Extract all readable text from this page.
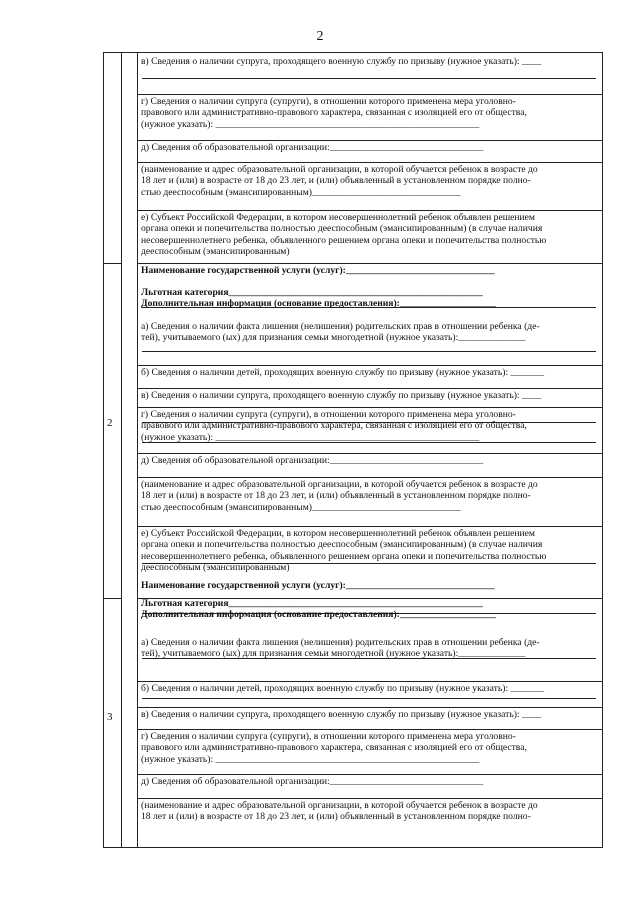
2
2
3
в) Сведения о наличии супруга, проходящего военную службу по призыву (нужное указать): ____
г) Сведения о наличии супруга (супруги), в отношении которого применена мера уголовно-
правового или административно-правового характера, связанная с изоляцией его от общества,
(нужное указать): _______________________________________________________
д) Сведения об образовательной организации:________________________________
(наименование и адрес образовательной организации, в которой обучается ребенок в возрасте до
18 лет и (или) в возрасте от 18 до 23 лет, и (или) объявленный в установленном порядке полно-
стью дееспособным (эмансипированным)_______________________________
е) Субъект Российской Федерации, в котором несовершеннолетний ребенок объявлен решением
органа опеки и попечительства полностью дееспособным (эмансипированным) (в случае наличия
несовершеннолетнего ребенка, объявленного решением органа опеки и попечительства полностью
дееспособным (эмансипированным)
Наименование государственной услуги (услуг):_______________________________
Льготная категория_____________________________________________________
Дополнительная информация (основание предоставления):____________________
а) Сведения о наличии факта лишения (нелишения) родительских прав в отношении ребенка (де-
тей), учитываемого (ых) для признания семьи многодетной (нужное указать):______________
б) Сведения о наличии детей, проходящих военную службу по призыву (нужное указать): _______
в) Сведения о наличии супруга, проходящего военную службу по призыву (нужное указать): ____
г) Сведения о наличии супруга (супруги), в отношении которого применена мера уголовно-
правового или административно-правового характера, связанная с изоляцией его от общества,
(нужное указать): _______________________________________________________
д) Сведения об образовательной организации:________________________________
(наименование и адрес образовательной организации, в которой обучается ребенок в возрасте до
18 лет и (или) в возрасте от 18 до 23 лет, и (или) объявленный в установленном порядке полно-
стью дееспособным (эмансипированным)_______________________________
е) Субъект Российской Федерации, в котором несовершеннолетний ребенок объявлен решением
органа опеки и попечительства полностью дееспособным (эмансипированным) (в случае наличия
несовершеннолетнего ребенка, объявленного решением органа опеки и попечительства полностью
дееспособным (эмансипированным)
Наименование государственной услуги (услуг):_______________________________
Льготная категория_____________________________________________________
Дополнительная информация (основание предоставления):____________________
а) Сведения о наличии факта лишения (нелишения) родительских прав в отношении ребенка (де-
тей), учитываемого (ых) для признания семьи многодетной (нужное указать):______________
б) Сведения о наличии детей, проходящих военную службу по призыву (нужное указать): _______
в) Сведения о наличии супруга, проходящего военную службу по призыву (нужное указать): ____
г) Сведения о наличии супруга (супруги), в отношении которого применена мера уголовно-
правового или административно-правового характера, связанная с изоляцией его от общества,
(нужное указать): _______________________________________________________
д) Сведения об образовательной организации:________________________________
(наименование и адрес образовательной организации, в которой обучается ребенок в возрасте до
18 лет и (или) в возрасте от 18 до 23 лет, и (или) объявленный в установленном порядке полно-
